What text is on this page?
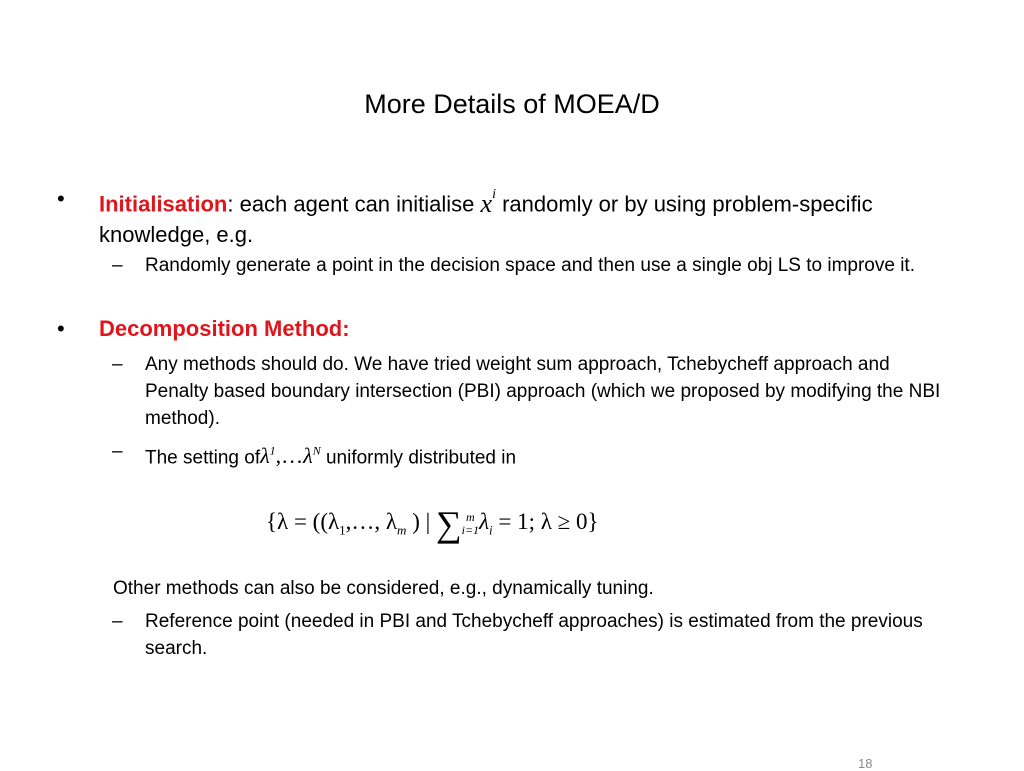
More Details of MOEA/D
• Initialisation: each agent can initialise $x^i$ randomly or by using problem-specific knowledge, e.g.
– Randomly generate a point in the decision space and then use a single obj LS to improve it.
• Decomposition Method:
– Any methods should do. We have tried weight sum approach, Tchebycheff approach and Penalty based boundary intersection (PBI) approach (which we proposed by modifying the NBI method).
– The setting $of\lambda^1,\dots\lambda^N$ uniformly distributed in
{$\lambda = ((\lambda_1,\dots$, $\lambda_m$ ) | ∑ m
$i=1\lambda_i = 1$; λ ≥ 0}
Other methods can also be considered, e.g., dynamically tuning.
– Reference point (needed in PBI and Tchebycheff approaches) is estimated from the previous search.
18
